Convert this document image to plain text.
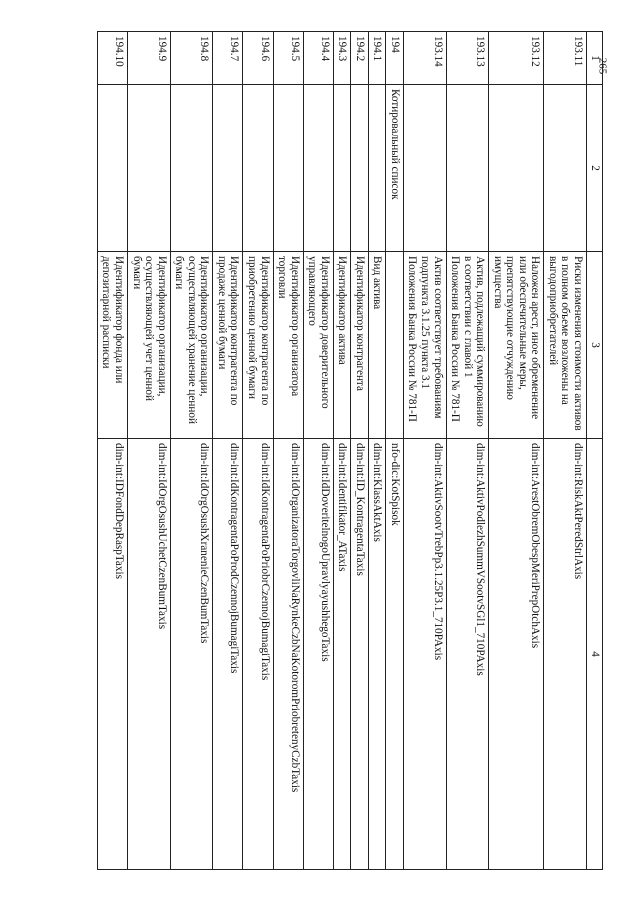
265
1	2	3	4
193.11		Риски изменения стоимости активов в полном объеме возложены на выгодоприобретателей	dim-int:RiskAktPeredStrlAxis
193.12		Наложен арест, иное обременение или обеспечительные меры, препятствующие отчуждению имущества	dim-int:ArestObremObespMeriPrepOtchAxis
193.13		Актив, подлежащий суммированию в соответствии с главой 1 Положения Банка России № 781-П	dim-int:AktivPodlezhSummVSootvSGl1_710PAxis
193.14		Актив соответствует требованиям подпункта 3.1.25 пункта 3.1 Положения Банка России № 781-П	dim-int:AktivSootvTrebPp3.1.25P3.1_710PAxis
194	Котировальный список		nfo-dic:KotSpisok
194.1		Вид актива	dim-int:KlassAktAxis
194.2		Идентификатор контрагента	dim-int:ID_KontragentaTaxis
194.3		Идентификатор актива	dim-int:Identifikator_ATaxis
194.4		Идентификатор доверительного управляющего	dim-int:IdDoveritelnogoUpravlyayushhegoTaxis
194.5		Идентификатор организатора торговли	dim-int:IdOrganizatoraTorgovliNaRynkeCzbNaKotoromPriobretenyCzbTaxis
194.6		Идентификатор контрагента по приобретению ценной бумаги	dim-int:IdKontragentaPoPriobrCzennojBumagiTaxis
194.7		Идентификатор контрагента по продаже ценной бумаги	dim-int:IdKontragentaPoProdCzennojBumagiTaxis
194.8		Идентификатор организации, осуществляющей хранение ценной бумаги	dim-int:IdOrgOsushXranenieCzenBumTaxis
194.9		Идентификатор организации, осуществляющей учет ценной бумаги	dim-int:IdOrgOsushUchetCzenBumTaxis
194.10		Идентификатор фонда или депозитарной расписки	dim-int:IDFondDepRaspTaxis
